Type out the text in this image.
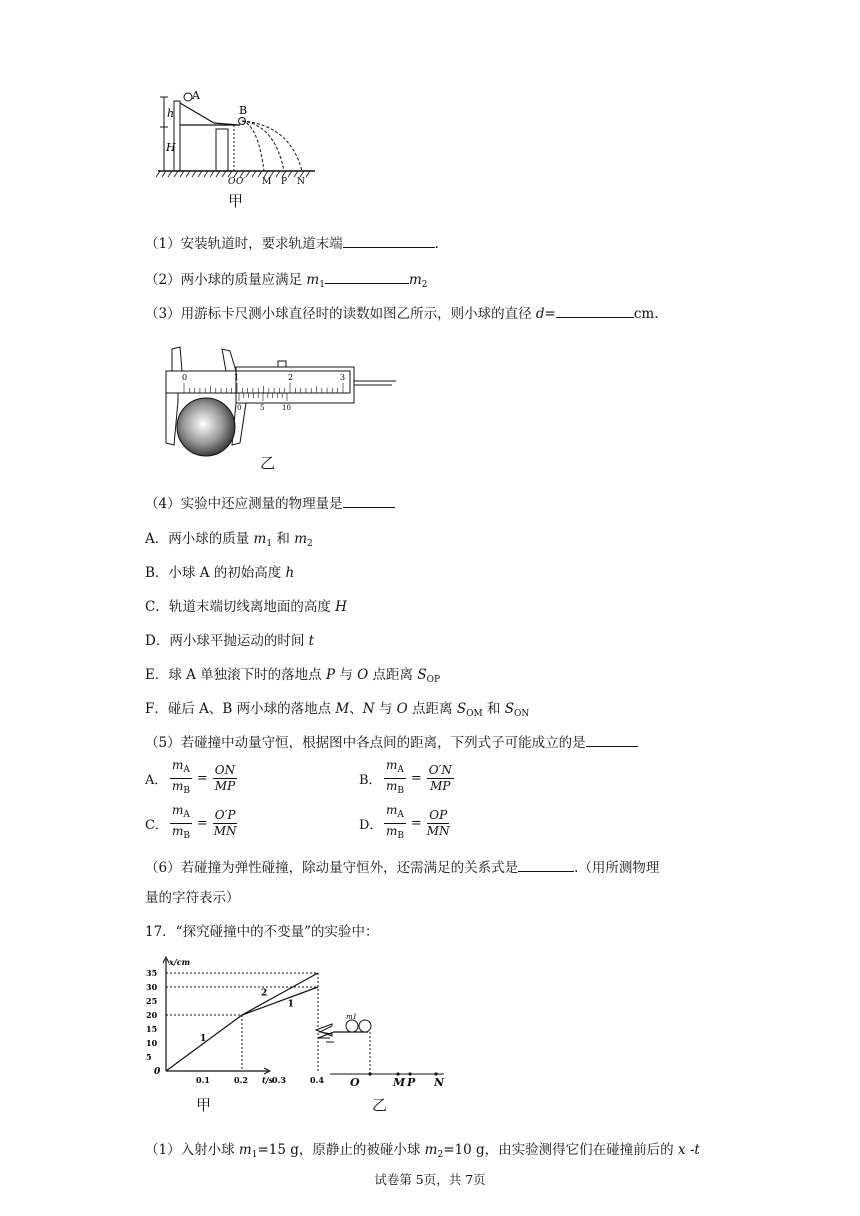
A
B
h
H
O O′ M P N
甲
（1）安装轨道时，要求轨道末端	.
（2）两小球的质量应满足 $m_1$	$m_2$
（3）用游标卡尺测小球直径时的读数如图乙所示，则小球的直径 d=	cm.
0	1	2	3
0	5	10
乙
（4）实验中还应测量的物理量是
A．两小球的质量 $m_1$ 和 $m_2$
B．小球 A 的初始高度 h
C．轨道末端切线离地面的高度 H
D．两小球平抛运动的时间 t
E．球 A 单独滚下时的落地点 P 与 O 点距离 $S_{OP}$
F．碰后 A、B 两小球的落地点 M、N 与 O 点距离 $S_{OM}$ 和 $S_{ON}$
（5）若碰撞中动量守恒，根据图中各点间的距离，下列式子可能成立的是
A． $\frac{m_A}{m_B} = \frac{ON}{MP}$	B． $\frac{m_A}{m_B} = \frac{O'N}{MP}$
C． $\frac{m_A}{m_B} = \frac{O'P}{MN}$	D． $\frac{m_A}{m_B} = \frac{OP}{MN}$
（6）若碰撞为弹性碰撞，除动量守恒外，还需满足的关系式是	.（用所测物理
量的字符表示）
17．“探究碰撞中的不变量”的实验中：
35
30
25
20
15
10
5
0
0.1	0.2	0.3	0.4
x/cm
t/s
1
2
1
甲
m1
O	M P N
乙
（1）入射小球 $m_1=15$ g，原静止的被碰小球 $m_2=10$ g，由实验测得它们在碰撞前后的 x -t
试卷第 5页，共 7页
